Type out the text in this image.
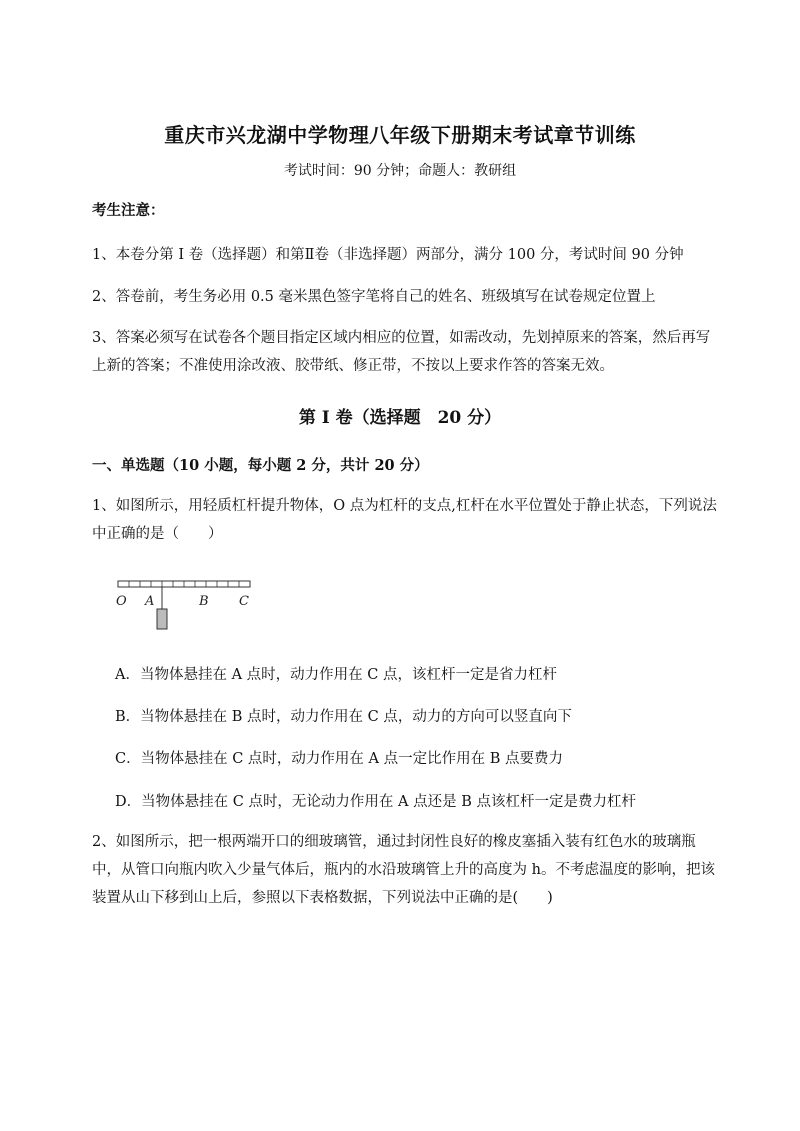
重庆市兴龙湖中学物理八年级下册期末考试章节训练
考试时间：90 分钟；命题人：教研组
考生注意：
1、本卷分第 I 卷（选择题）和第Ⅱ卷（非选择题）两部分，满分 100 分，考试时间 90 分钟
2、答卷前，考生务必用 0.5 毫米黑色签字笔将自己的姓名、班级填写在试卷规定位置上
3、答案必须写在试卷各个题目指定区域内相应的位置，如需改动，先划掉原来的答案，然后再写上新的答案；不准使用涂改液、胶带纸、修正带，不按以上要求作答的答案无效。
第 I 卷（选择题　20 分）
一、单选题（10 小题，每小题 2 分，共计 20 分）
1、如图所示，用轻质杠杆提升物体，O 点为杠杆的支点,杠杆在水平位置处于静止状态，下列说法中正确的是（　　）
O A	B C
A．当物体悬挂在 A 点时，动力作用在 C 点，该杠杆一定是省力杠杆
B．当物体悬挂在 B 点时，动力作用在 C 点，动力的方向可以竖直向下
C．当物体悬挂在 C 点时，动力作用在 A 点一定比作用在 B 点要费力
D．当物体悬挂在 C 点时，无论动力作用在 A 点还是 B 点该杠杆一定是费力杠杆
2、如图所示，把一根两端开口的细玻璃管，通过封闭性良好的橡皮塞插入装有红色水的玻璃瓶中，从管口向瓶内吹入少量气体后，瓶内的水沿玻璃管上升的高度为 h。不考虑温度的影响，把该装置从山下移到山上后，参照以下表格数据，下列说法中正确的是(　　)
